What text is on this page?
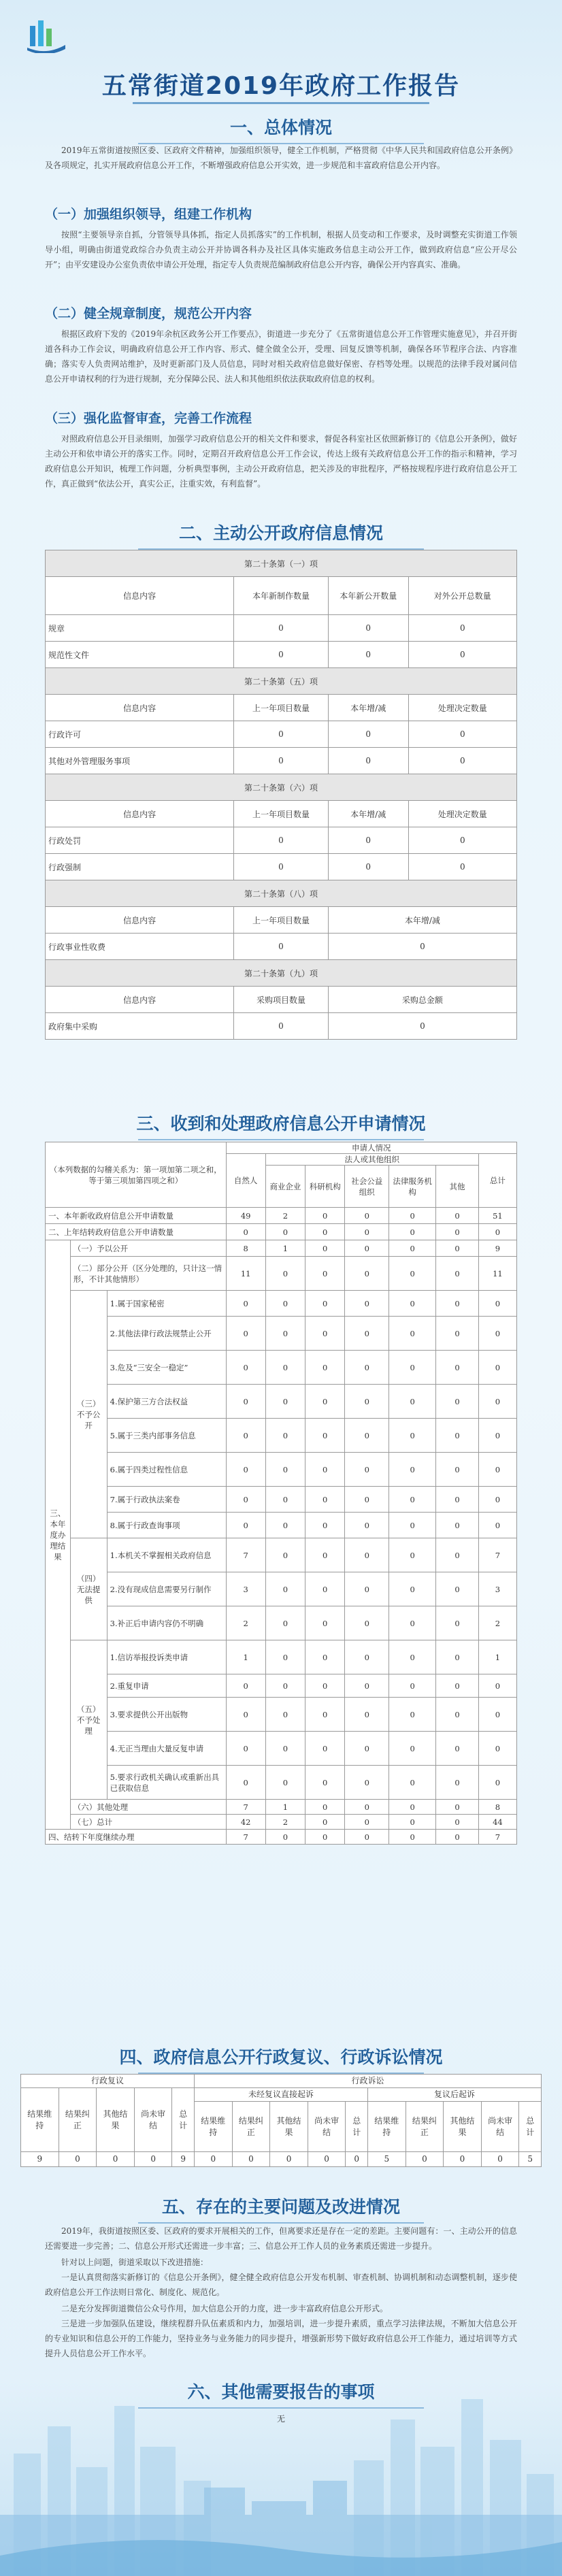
五常街道2019年政府工作报告
一、总体情况
2019年五常街道按照区委、区政府文件精神，加强组织领导，健全工作机制，严格贯彻《中华人民共和国政府信息公开条例》及各项规定，扎实开展政府信息公开工作，不断增强政府信息公开实效，进一步规范和丰富政府信息公开内容。
（一）加强组织领导，组建工作机构
按照“主要领导亲自抓，分管领导具体抓，指定人员抓落实”的工作机制，根据人员变动和工作要求，及时调整充实街道工作领导小组，明确由街道党政综合办负责主动公开并协调各科办及社区具体实施政务信息主动公开工作，做到政府信息“应公开尽公开”；由平安建设办公室负责依申请公开处理，指定专人负责规范编制政府信息公开内容，确保公开内容真实、准确。
（二）健全规章制度，规范公开内容
根据区政府下发的《2019年余杭区政务公开工作要点》，街道进一步充分了《五常街道信息公开工作管理实施意见》，并召开街道各科办工作会议，明确政府信息公开工作内容、形式、健全做全公开，受理、回复反馈等机制，确保各环节程序合法、内容准确；落实专人负责网站维护，及时更新部门及人员信息，同时对相关政府信息做好保密、存档等处理。以规范的法律手段对属问信息公开申请权利的行为进行规制，充分保障公民、法人和其他组织依法获取政府信息的权利。
（三）强化监督审查，完善工作流程
对照政府信息公开目录细则，加强学习政府信息公开的相关文件和要求，督促各科室社区依照新修订的《信息公开条例》，做好主动公开和依申请公开的落实工作。同时，定期召开政府信息公开工作会议，传达上级有关政府信息公开工作的指示和精神，学习政府信息公开知识，梳理工作问题，分析典型事例，主动公开政府信息，把关涉及的审批程序，严格按规程序进行政府信息公开工作，真正做到“依法公开，真实公正，注重实效，有利监督”。
二、主动公开政府信息情况
第二十条第（一）项			
信息内容	本年新制作数量	本年新公开数量	对外公开总数量
规章	0	0	0
规范性文件	0	0	0
第二十条第（五）项			
信息内容	上一年项目数量	本年增/减	处理决定数量
行政许可	0	0	0
其他对外管理服务事项	0	0	0
第二十条第（六）项			
信息内容	上一年项目数量	本年增/减	处理决定数量
行政处罚	0	0	0
行政强制	0	0	0
第二十条第（八）项			
信息内容	上一年项目数量	本年增/减	
行政事业性收费	0	0	
第二十条第（九）项			
信息内容	采购项目数量	采购总金额	
政府集中采购	0	0	
三、收到和处理政府信息公开申请情况
（本列数据的勾稽关系为：第一项加第二项之和，等于第三项加第四项之和）			申请人情况						
			自然人	法人或其他组织					总计
				商业企业	科研机构	社会公益组织	法律服务机构	其他	
一、本年新收政府信息公开申请数量			49	2	0	0	0	0	51
二、上年结转政府信息公开申请数量			0	0	0	0	0	0	0
三、本年度办理结果	（一）予以公开		8	1	0	0	0	0	9
	（二）部分公开（区分处理的，只计这一情形，不计其他情形）		11	0	0	0	0	0	11
	（三）不予公开	1.属于国家秘密	0	0	0	0	0	0	0
		2.其他法律行政法规禁止公开	0	0	0	0	0	0	0
		3.危及“三安全一稳定”	0	0	0	0	0	0	0
		4.保护第三方合法权益	0	0	0	0	0	0	0
		5.属于三类内部事务信息	0	0	0	0	0	0	0
		6.属于四类过程性信息	0	0	0	0	0	0	0
		7.属于行政执法案卷	0	0	0	0	0	0	0
		8.属于行政查询事项	0	0	0	0	0	0	0
	（四）无法提供	1.本机关不掌握相关政府信息	7	0	0	0	0	0	7
		2.没有现成信息需要另行制作	3	0	0	0	0	0	3
		3.补正后申请内容仍不明确	2	0	0	0	0	0	2
	（五）不予处理	1.信访举报投诉类申请	1	0	0	0	0	0	1
		2.重复申请	0	0	0	0	0	0	0
		3.要求提供公开出版物	0	0	0	0	0	0	0
		4.无正当理由大量反复申请	0	0	0	0	0	0	0
		5.要求行政机关确认或重新出具已获取信息	0	0	0	0	0	0	0
	（六）其他处理		7	1	0	0	0	0	8
	（七）总计		42	2	0	0	0	0	44
四、结转下年度继续办理			7	0	0	0	0	0	7
四、政府信息公开行政复议、行政诉讼情况
行政复议					行政诉讼									
结果维持	结果纠正	其他结果	尚未审结	总计	未经复议直接起诉					复议后起诉				
					结果维持	结果纠正	其他结果	尚未审结	总计	结果维持	结果纠正	其他结果	尚未审结	总计
9	0	0	0	9	0	0	0	0	0	5	0	0	0	5
五、存在的主要问题及改进情况
2019年，我街道按照区委、区政府的要求开展相关的工作，但离要求还是存在一定的差距。主要问题有：一、主动公开的信息还需要进一步完善；二、信息公开形式还需进一步丰富；三、信息公开工作人员的业务素质还需进一步提升。
针对以上问题，街道采取以下改进措施：
一是认真贯彻落实新修订的《信息公开条例》，健全健全政府信息公开发布机制、审查机制、协调机制和动态调整机制，逐步使政府信息公开工作法则日常化、制度化、规范化。
二是充分发挥街道微信公众号作用，加大信息公开的力度，进一步丰富政府信息公开形式。
三是进一步加强队伍建设，继续程群升队伍素质和内力，加强培训，进一步提升素质，重点学习法律法规，不断加大信息公开的专业知识和信息公开的工作能力，坚持业务与业务能力的同步提升，增强新形势下做好政府信息公开工作能力，通过培训等方式提升人员信息公开工作水平。
六、其他需要报告的事项
无
